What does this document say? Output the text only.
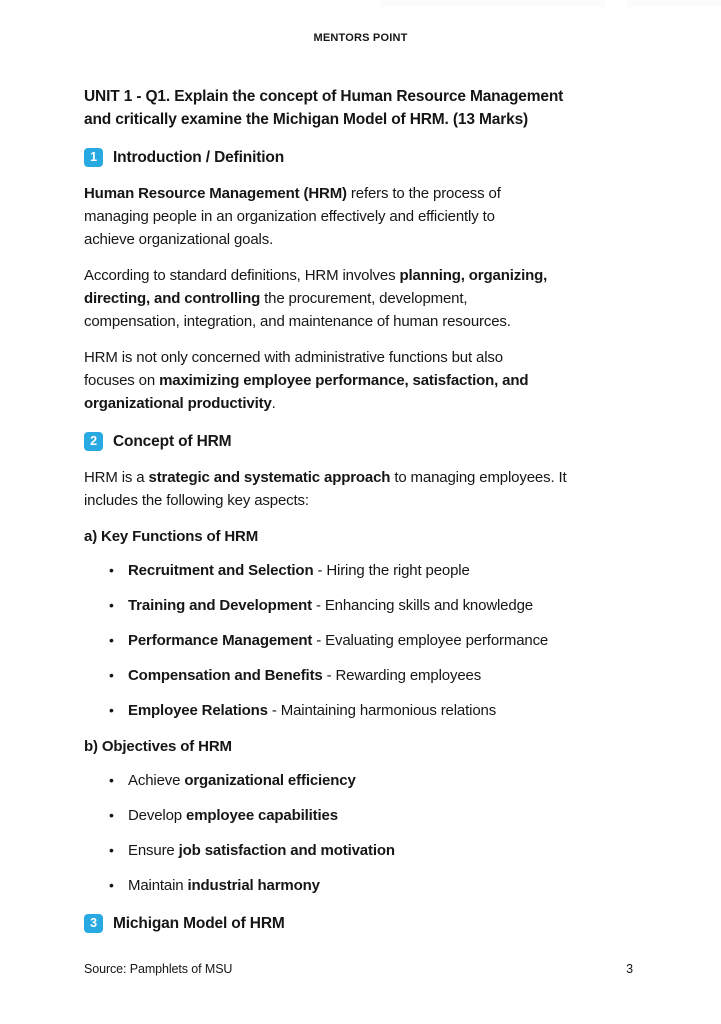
MENTORS POINT
UNIT 1 - Q1. Explain the concept of Human Resource Management
and critically examine the Michigan Model of HRM. (13 Marks)
1	Introduction / Definition
Human Resource Management (HRM) refers to the process of
managing people in an organization effectively and efficiently to
achieve organizational goals.
According to standard definitions, HRM involves planning, organizing,
directing, and controlling the procurement, development,
compensation, integration, and maintenance of human resources.
HRM is not only concerned with administrative functions but also
focuses on maximizing employee performance, satisfaction, and
organizational productivity.
2	Concept of HRM
HRM is a strategic and systematic approach to managing employees. It
includes the following key aspects:
a) Key Functions of HRM
• Recruitment and Selection - Hiring the right people
• Training and Development - Enhancing skills and knowledge
• Performance Management - Evaluating employee performance
• Compensation and Benefits - Rewarding employees
• Employee Relations - Maintaining harmonious relations
b) Objectives of HRM
• Achieve organizational efficiency
• Develop employee capabilities
• Ensure job satisfaction and motivation
• Maintain industrial harmony
3	Michigan Model of HRM
Source: Pamphlets of MSU	3
